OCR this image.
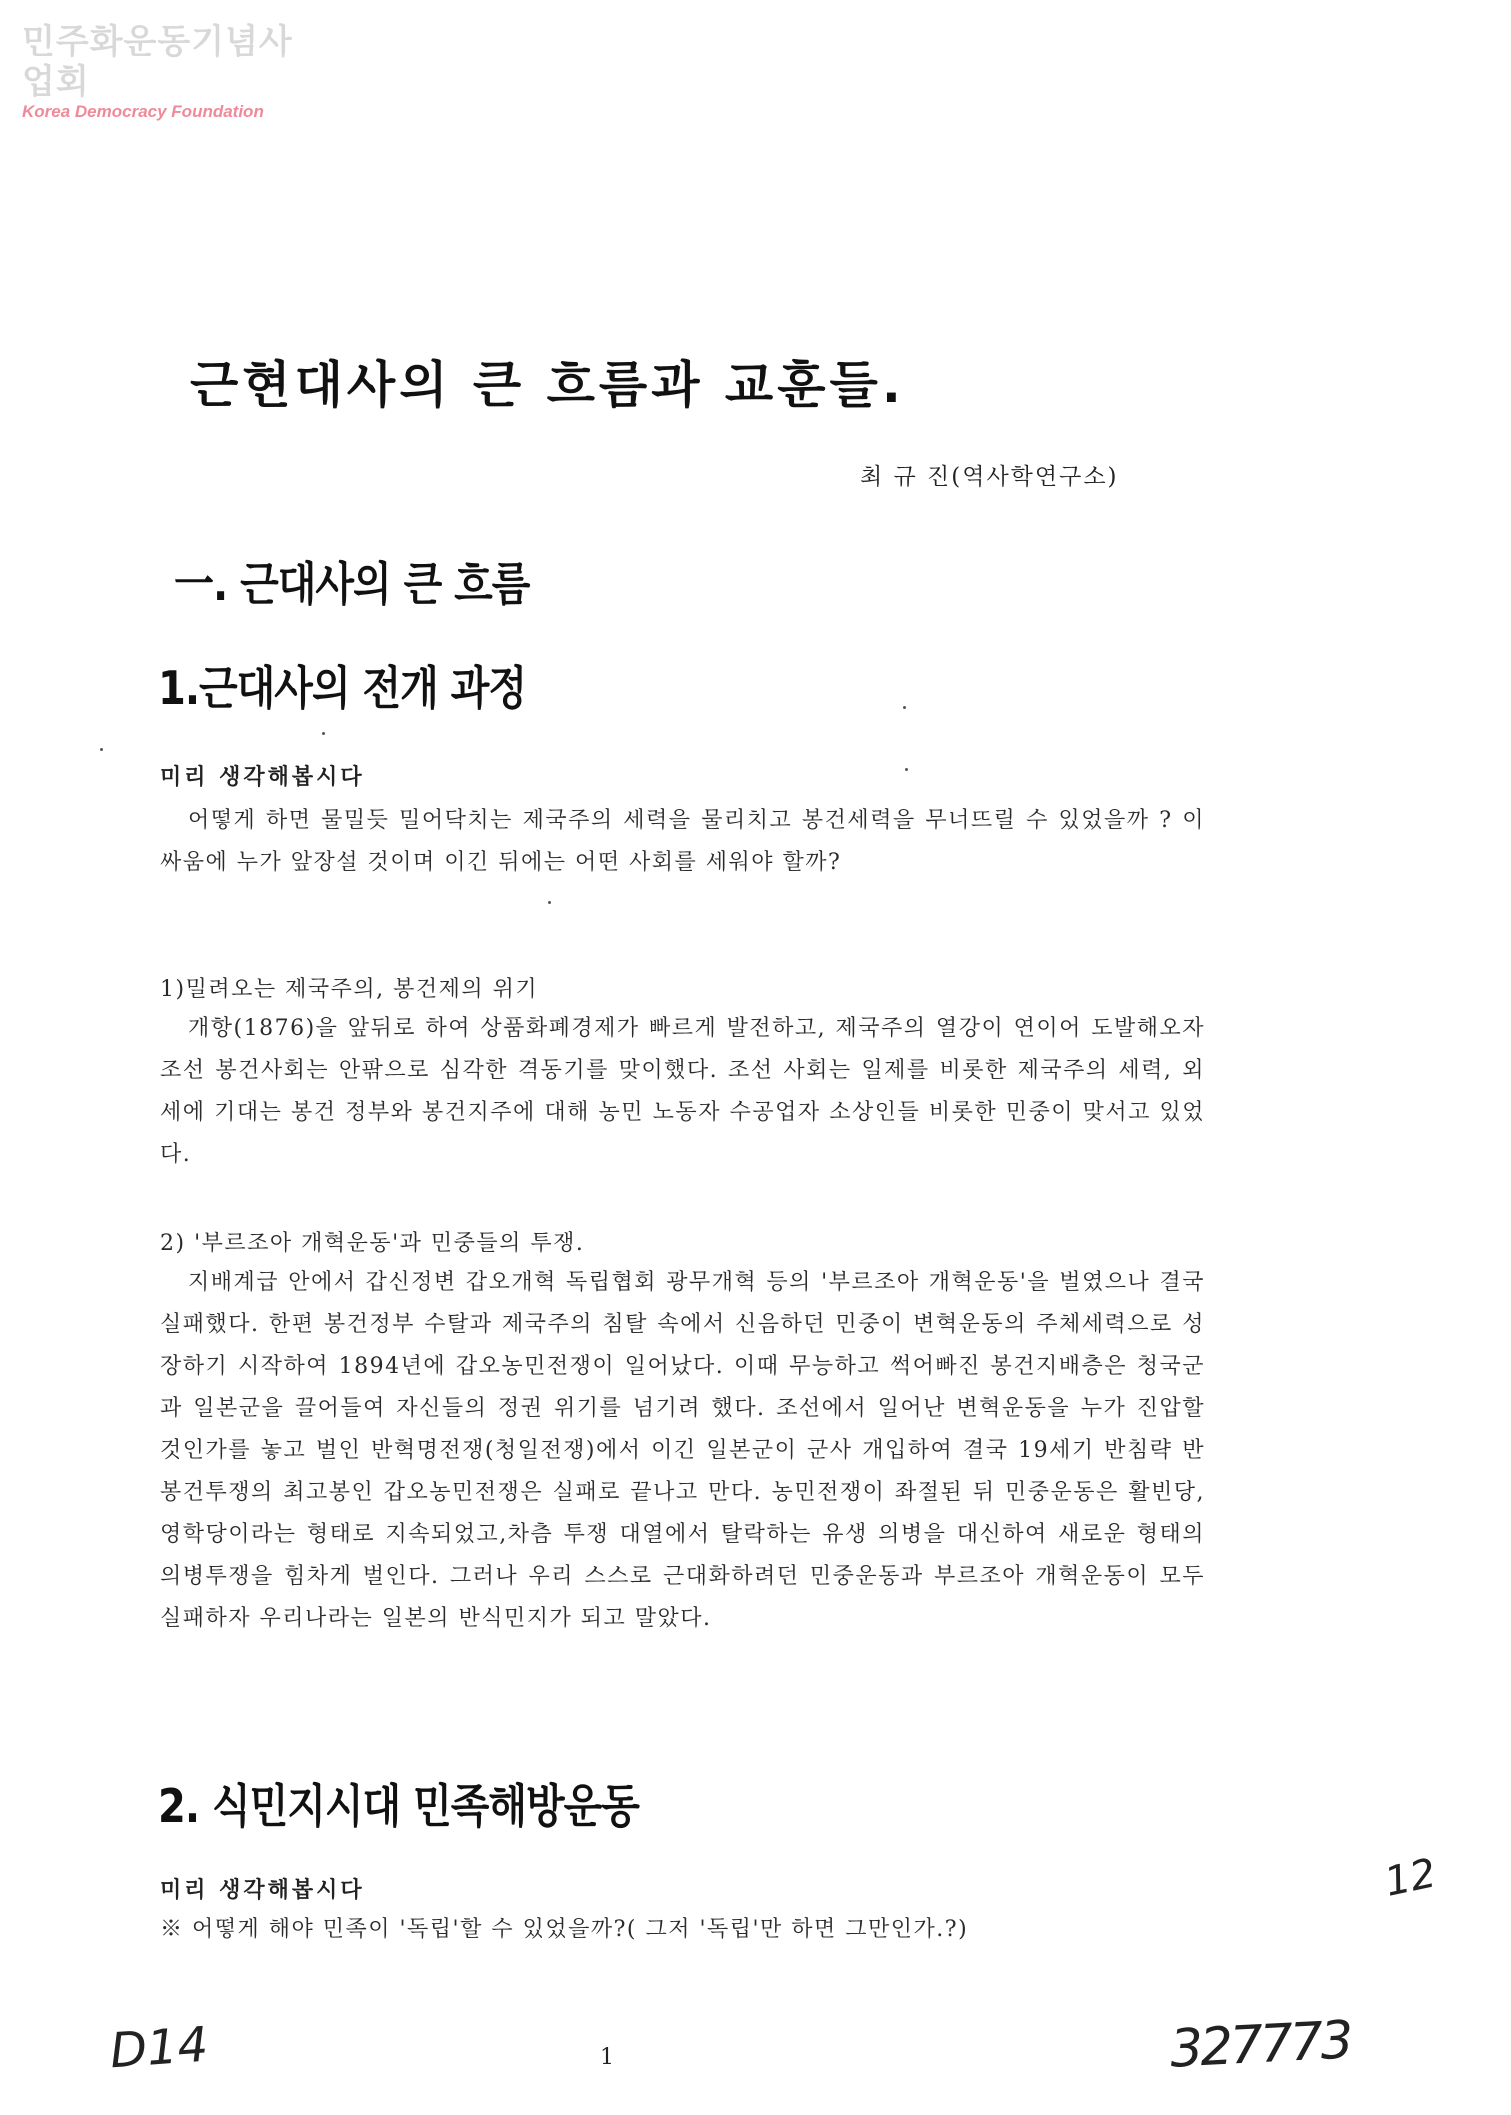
민주화운동기념사업회
Korea Democracy Foundation
근현대사의 큰 흐름과 교훈들.
최 규 진(역사학연구소)
一. 근대사의 큰 흐름
1.근대사의 전개 과정
미리 생각해봅시다

어떻게 하면 물밀듯 밀어닥치는 제국주의 세력을 물리치고 봉건세력을 무너뜨릴 수 있었을까 ? 이 싸움에 누가 앞장설 것이며 이긴 뒤에는 어떤 사회를 세워야 할까?

1)밀려오는 제국주의, 봉건제의 위기

개항(1876)을 앞뒤로 하여 상품화폐경제가 빠르게 발전하고, 제국주의 열강이 연이어 도발해오자 조선 봉건사회는 안팎으로 심각한 격동기를 맞이했다. 조선 사회는 일제를 비롯한 제국주의 세력, 외세에 기대는 봉건 정부와 봉건지주에 대해 농민 노동자 수공업자 소상인들 비롯한 민중이 맞서고 있었다.

2) '부르조아 개혁운동'과 민중들의 투쟁.

지배계급 안에서 갑신정변 갑오개혁 독립협회 광무개혁 등의 '부르조아 개혁운동'을 벌였으나 결국 실패했다. 한편 봉건정부 수탈과 제국주의 침탈 속에서 신음하던 민중이 변혁운동의 주체세력으로 성장하기 시작하여 1894년에 갑오농민전쟁이 일어났다. 이때 무능하고 썩어빠진 봉건지배층은 청국군과 일본군을 끌어들여 자신들의 정권 위기를 넘기려 했다. 조선에서 일어난 변혁운동을 누가 진압할 것인가를 놓고 벌인 반혁명전쟁(청일전쟁)에서 이긴 일본군이 군사 개입하여 결국 19세기 반침략 반봉건투쟁의 최고봉인 갑오농민전쟁은 실패로 끝나고 만다. 농민전쟁이 좌절된 뒤 민중운동은 활빈당, 영학당이라는 형태로 지속되었고,차츰 투쟁 대열에서 탈락하는 유생 의병을 대신하여 새로운 형태의 의병투쟁을 힘차게 벌인다. 그러나 우리 스스로 근대화하려던 민중운동과 부르조아 개혁운동이 모두 실패하자 우리나라는 일본의 반식민지가 되고 말았다.

2. 식민지시대 민족해방운동
미리 생각해봅시다
※ 어떻게 해야 민족이 '독립'할 수 있었을까?( 그저 '독립'만 하면 그만인가.?)
1
D14	327773
12
